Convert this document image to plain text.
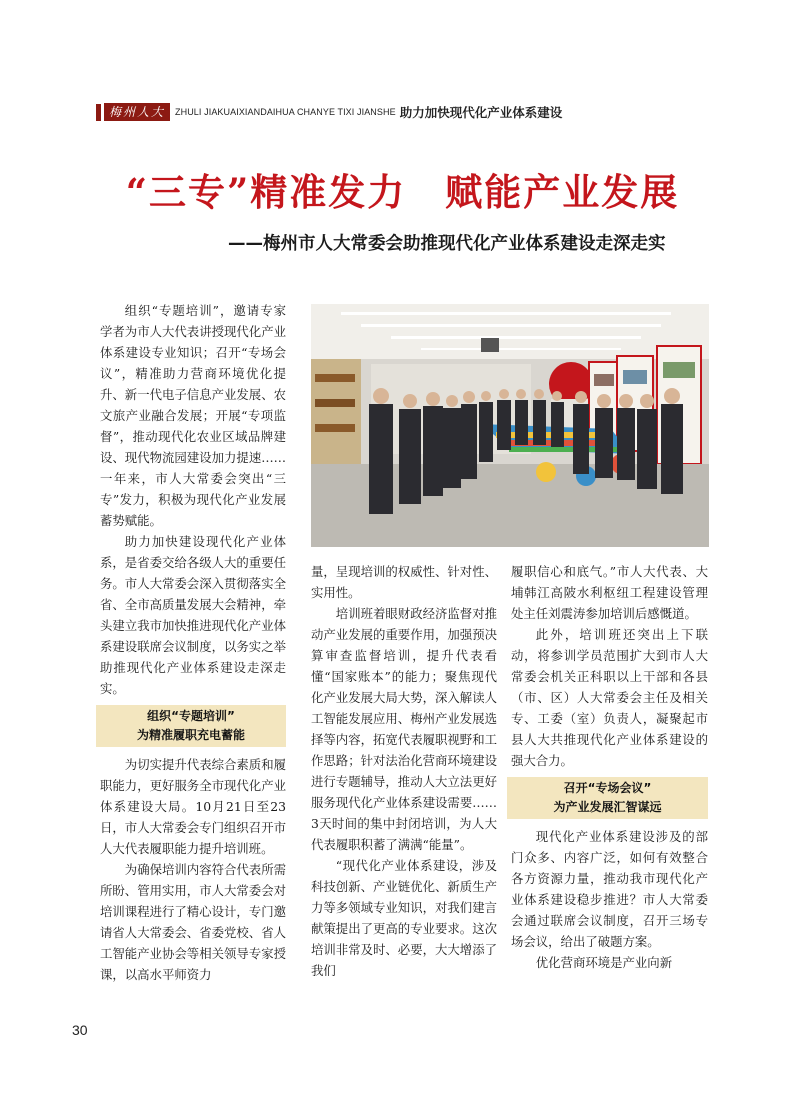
梅州人大	ZHULI JIAKUAIXIANDAIHUA CHANYE TIXI JIANSHE 助力加快现代化产业体系建设
“三专”精准发力　赋能产业发展
——梅州市人大常委会助推现代化产业体系建设走深走实

组织“专题培训”，邀请专家学者为市人大代表讲授现代化产业体系建设专业知识；召开“专场会议”，精准助力营商环境优化提升、新一代电子信息产业发展、农文旅产业融合发展；开展“专项监督”，推动现代化农业区域品牌建设、现代物流园建设加力提速……一年来，市人大常委会突出“三专”发力，积极为现代化产业发展蓄势赋能。

助力加快建设现代化产业体系，是省委交给各级人大的重要任务。市人大常委会深入贯彻落实全省、全市高质量发展大会精神，牵头建立我市加快推进现代化产业体系建设联席会议制度，以务实之举助推现代化产业体系建设走深走实。

组织“专题培训”
为精准履职充电蓄能

为切实提升代表综合素质和履职能力，更好服务全市现代化产业体系建设大局。10月21日至23日，市人大常委会专门组织召开市人大代表履职能力提升培训班。

为确保培训内容符合代表所需所盼、管用实用，市人大常委会对培训课程进行了精心设计，专门邀请省人大常委会、省委党校、省人工智能产业协会等相关领导专家授课，以高水平师资力

量，呈现培训的权威性、针对性、实用性。

培训班着眼财政经济监督对推动产业发展的重要作用，加强预决算审查监督培训，提升代表看懂“国家账本”的能力；聚焦现代化产业发展大局大势，深入解读人工智能发展应用、梅州产业发展选择等内容，拓宽代表履职视野和工作思路；针对法治化营商环境建设进行专题辅导，推动人大立法更好服务现代化产业体系建设需要……3天时间的集中封闭培训，为人大代表履职积蓄了满满“能量”。

“现代化产业体系建设，涉及科技创新、产业链优化、新质生产力等多领域专业知识，对我们建言献策提出了更高的专业要求。这次培训非常及时、必要，大大增添了我们

履职信心和底气。”市人大代表、大埔韩江高陂水利枢纽工程建设管理处主任刘震涛参加培训后感慨道。

此外，培训班还突出上下联动，将参训学员范围扩大到市人大常委会机关正科职以上干部和各县（市、区）人大常委会主任及相关专、工委（室）负责人，凝聚起市县人大共推现代化产业体系建设的强大合力。

召开“专场会议”
为产业发展汇智谋远

现代化产业体系建设涉及的部门众多、内容广泛，如何有效整合各方资源力量，推动我市现代化产业体系建设稳步推进？市人大常委会通过联席会议制度，召开三场专场会议，给出了破题方案。

优化营商环境是产业向新

30
